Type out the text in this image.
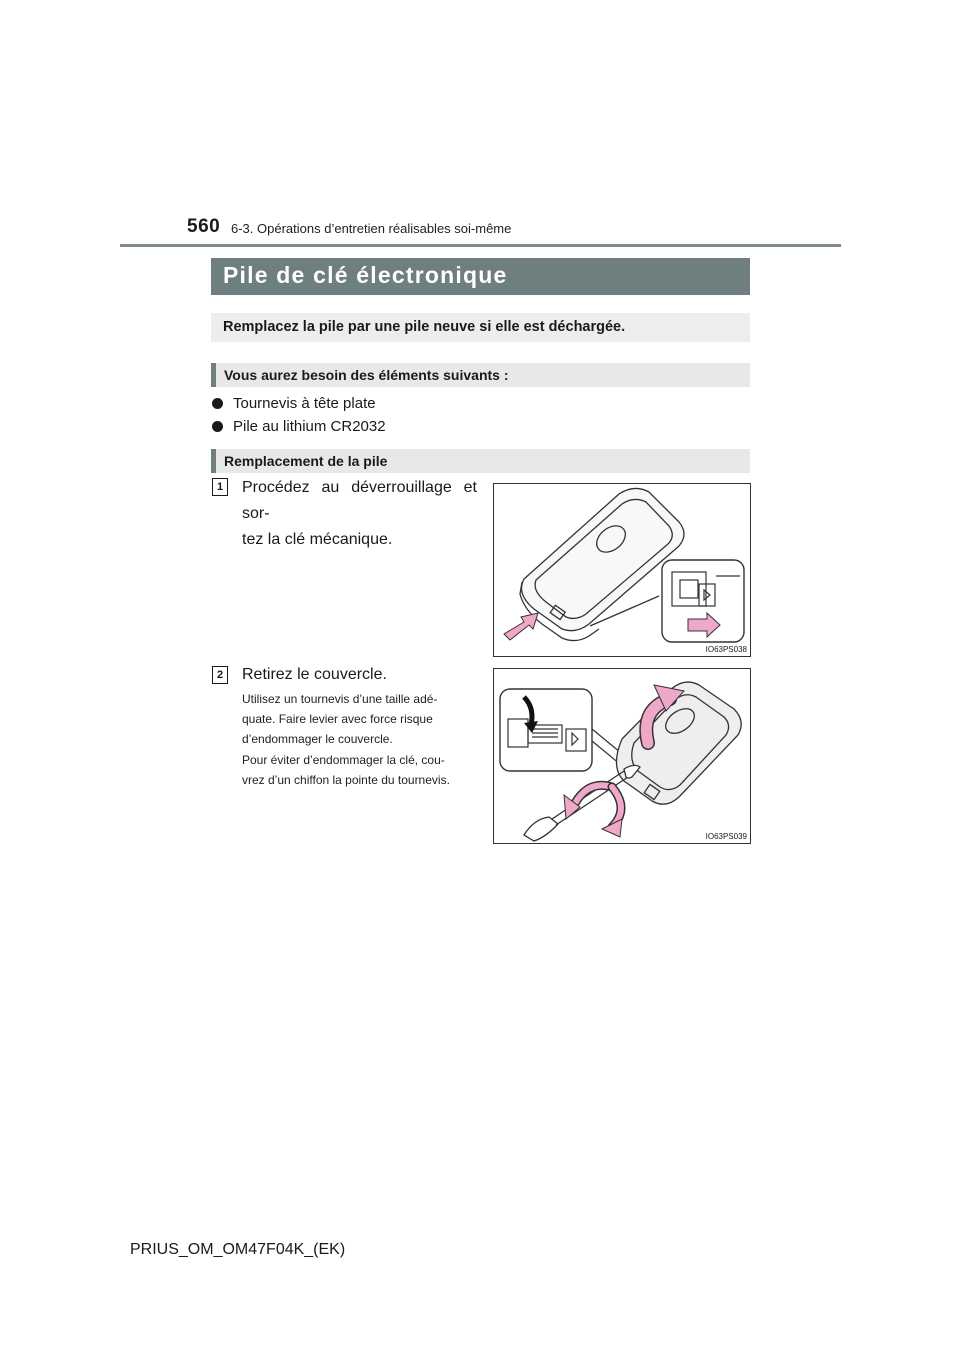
560 6-3. Opérations d’entretien réalisables soi-même
Pile de clé électronique
Remplacez la pile par une pile neuve si elle est déchargée.
Vous aurez besoin des éléments suivants :
Tournevis à tête plate
Pile au lithium CR2032
Remplacement de la pile
1	Procédez au déverrouillage et sor-
tez la clé mécanique.
IO63PS038
2	Retirez le couvercle.
Utilisez un tournevis d’une taille adé-
quate. Faire levier avec force risque
d’endommager le couvercle.
Pour éviter d’endommager la clé, cou-
vrez d’un chiffon la pointe du tournevis.
IO63PS039
PRIUS_OM_OM47F04K_(EK)
